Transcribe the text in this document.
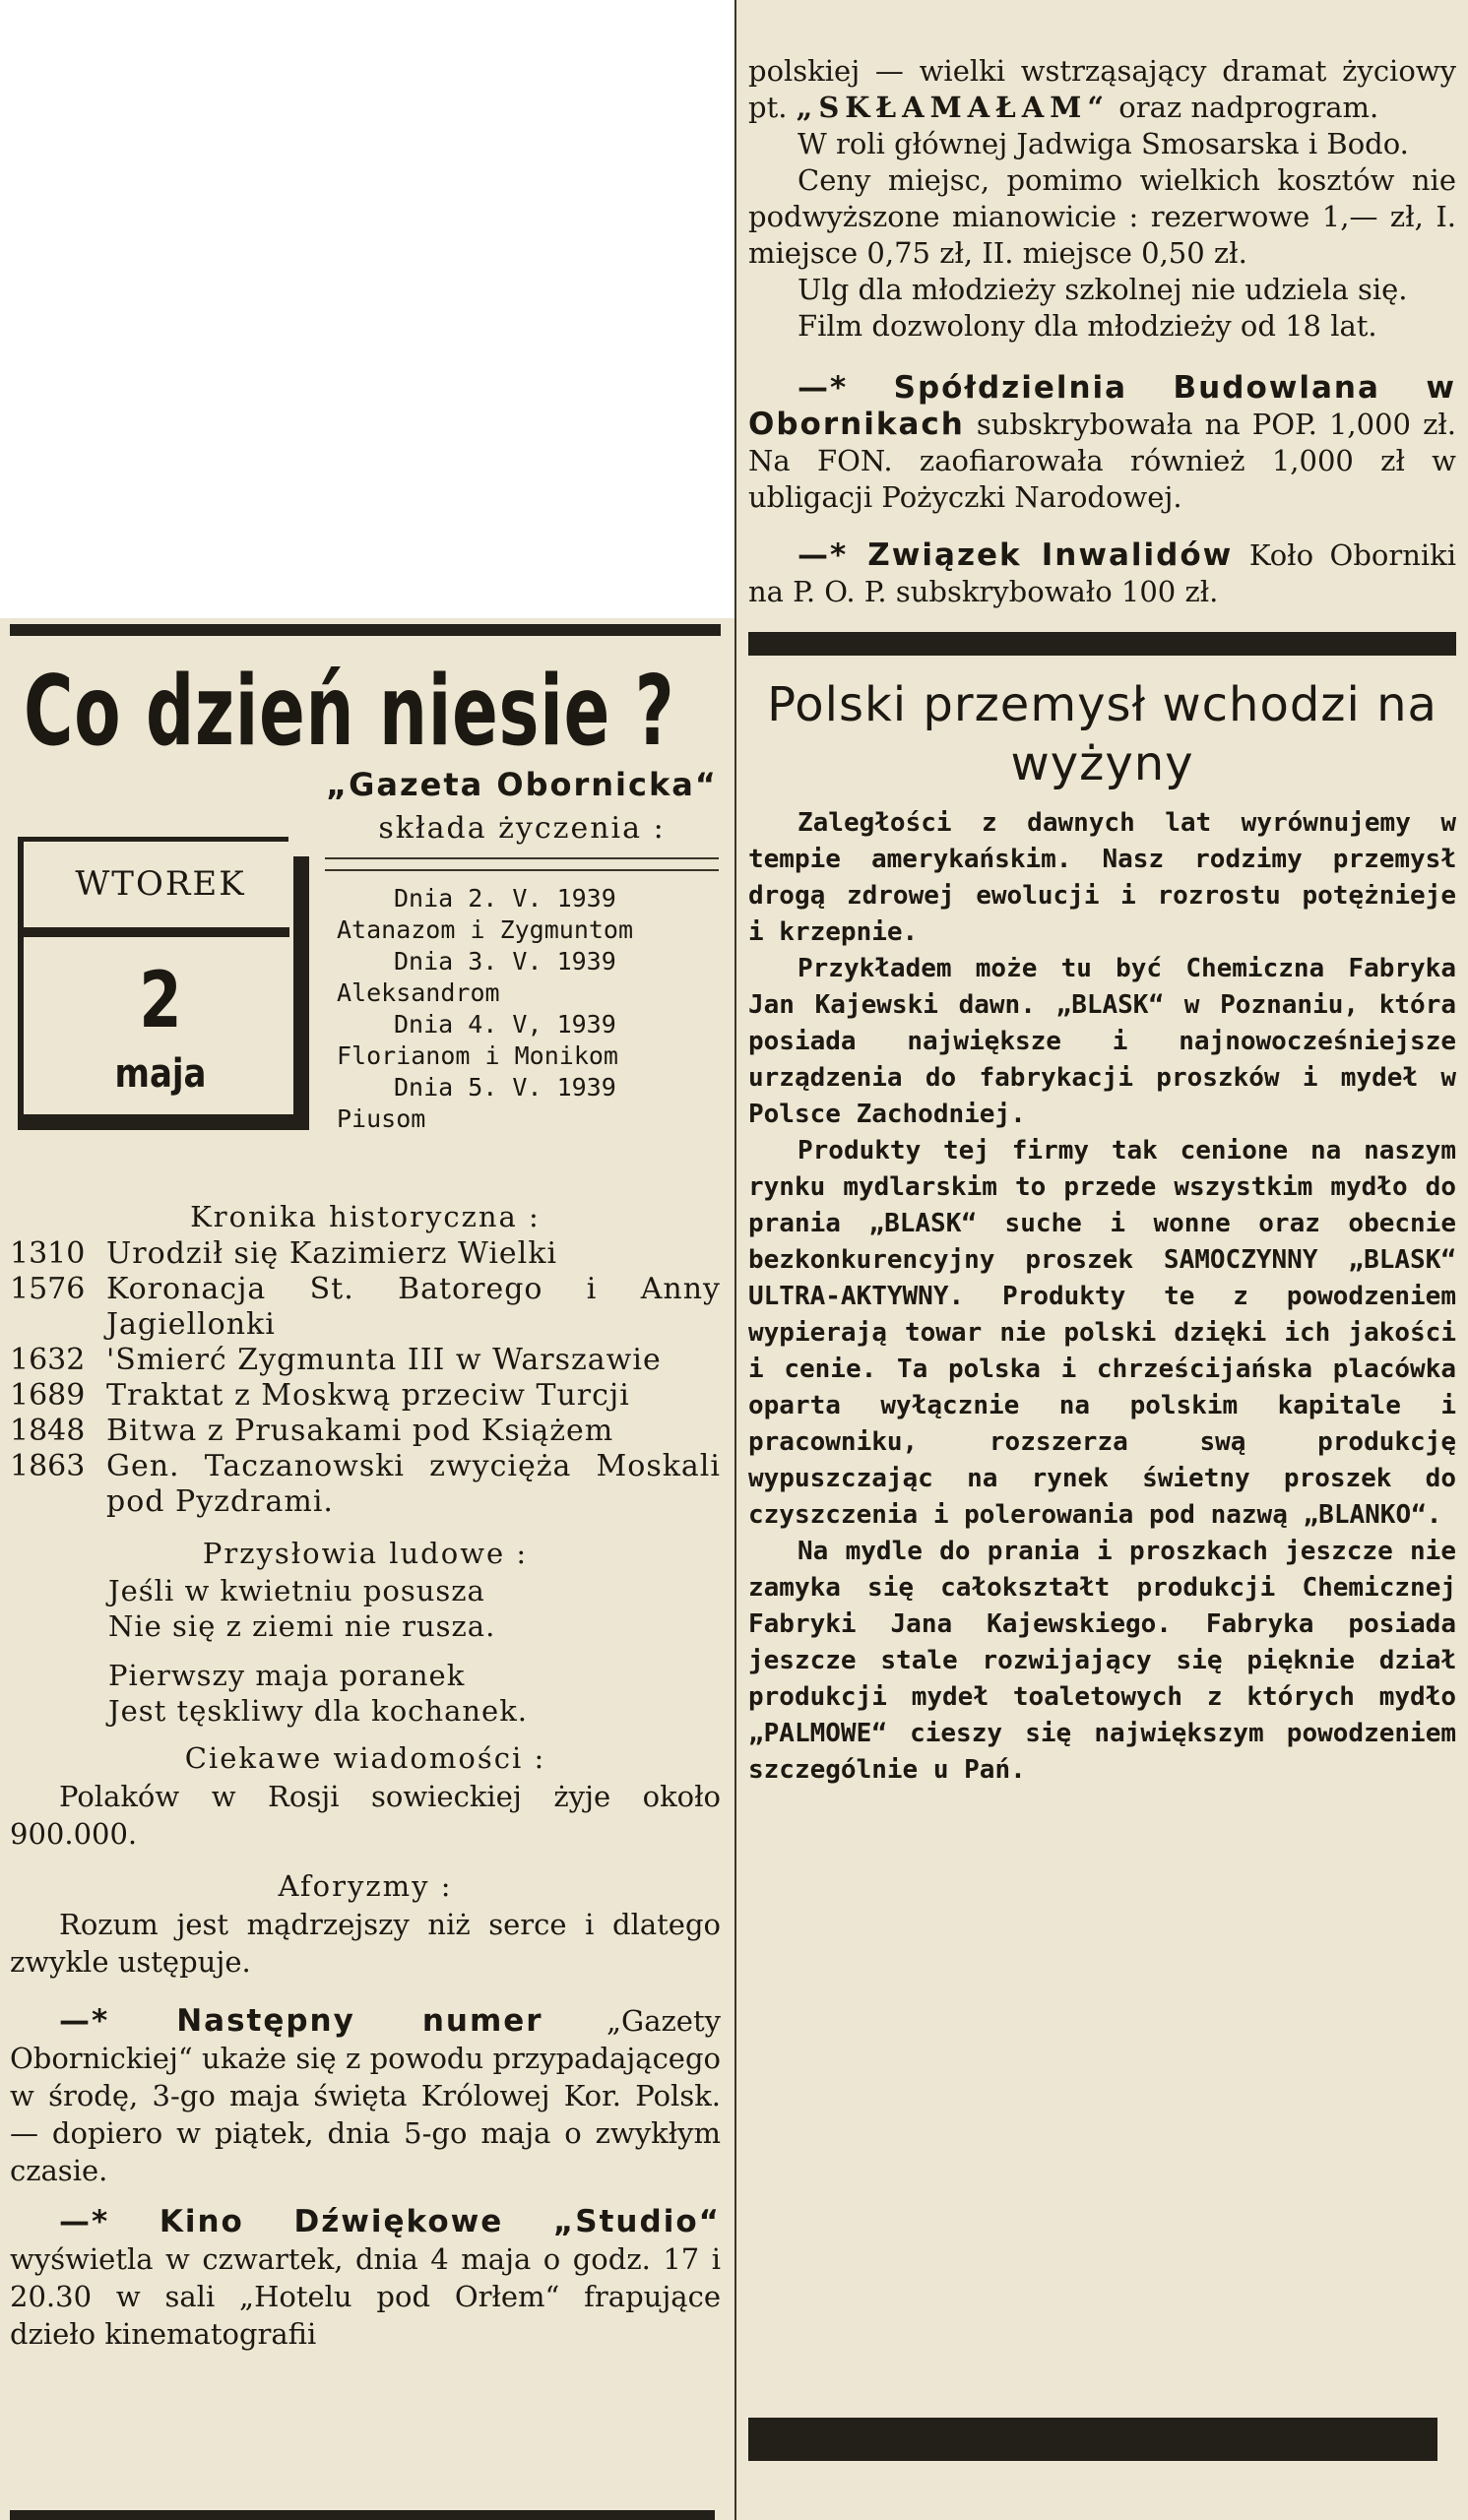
Co dzień niesie ?
WTOREK
2
maja
„Gazeta Obornicka“
składa życzenia :
Dnia 2. V. 1939
Atanazom i Zygmuntom
Dnia 3. V. 1939
Aleksandrom
Dnia 4. V, 1939
Florianom i Monikom
Dnia 5. V. 1939
Piusom
Kronika historyczna :
1310 Urodził się Kazimierz Wielki
1576 Koronacja St. Batorego i Anny Jagiellonki
1632 'Smierć Zygmunta III w Warszawie
1689 Traktat z Moskwą przeciw Turcji
1848 Bitwa z Prusakami pod Książem
1863 Gen. Taczanowski zwycięża Moskali pod Pyzdrami.
Przysłowia ludowe :
Jeśli w kwietniu posusza
Nie się z ziemi nie rusza.
Pierwszy maja poranek
Jest tęskliwy dla kochanek.
Ciekawe wiadomości :

Polaków w Rosji sowieckiej żyje około 900.000.

Aforyzmy :

Rozum jest mądrzejszy niż serce i dlatego zwykle ustępuje.

—* Następny numer „Gazety Obornickiej“ ukaże się z powodu przypadającego w środę, 3-go maja święta Królowej Kor. Polsk. — dopiero w piątek, dnia 5-go maja o zwykłym czasie.

—* Kino Dźwiękowe „Studio“ wyświetla w czwartek, dnia 4 maja o godz. 17 i 20.30 w sali „Hotelu pod Orłem“ frapujące dzieło kinematografii

polskiej — wielki wstrząsający dramat życiowy pt. „SKŁAMAŁAM“ oraz nadprogram.

W roli głównej Jadwiga Smosarska i Bodo.

Ceny miejsc, pomimo wielkich kosztów nie podwyższone mianowicie : rezerwowe 1,— zł, I. miejsce 0,75 zł, II. miejsce 0,50 zł.

Ulg dla młodzieży szkolnej nie udziela się.

Film dozwolony dla młodzieży od 18 lat.

—* Spółdzielnia Budowlana w Obornikach subskrybowała na POP. 1,000 zł. Na FON. zaofiarowała również 1,000 zł w ubligacji Pożyczki Narodowej.

—* Związek Inwalidów Koło Oborniki na P. O. P. subskrybowało 100 zł.

Polski przemysł wchodzi na wyżyny

Zaległości z dawnych lat wyrównujemy w tempie amerykańskim. Nasz rodzimy przemysł drogą zdrowej ewolucji i rozrostu potężnieje i krzepnie.

Przykładem może tu być Chemiczna Fabryka Jan Kajewski dawn. „BLASK“ w Poznaniu, która posiada największe i najnowocześniejsze urządzenia do fabrykacji proszków i mydeł w Polsce Zachodniej.

Produkty tej firmy tak cenione na naszym rynku mydlarskim to przede wszystkim mydło do prania „BLASK“ suche i wonne oraz obecnie bezkonkurencyjny proszek SAMOCZYNNY „BLASK“ ULTRA-AKTYWNY. Produkty te z powodzeniem wypierają towar nie polski dzięki ich jakości i cenie. Ta polska i chrześcijańska placówka oparta wyłącznie na polskim kapitale i pracowniku, rozszerza swą produkcję wypuszczając na rynek świetny proszek do czyszczenia i polerowania pod nazwą „BLANKO“.

Na mydle do prania i proszkach jeszcze nie zamyka się całokształt produkcji Chemicznej Fabryki Jana Kajewskiego. Fabryka posiada jeszcze stale rozwijający się pięknie dział produkcji mydeł toaletowych z których mydło „PALMOWE“ cieszy się największym powodzeniem szczególnie u Pań.
